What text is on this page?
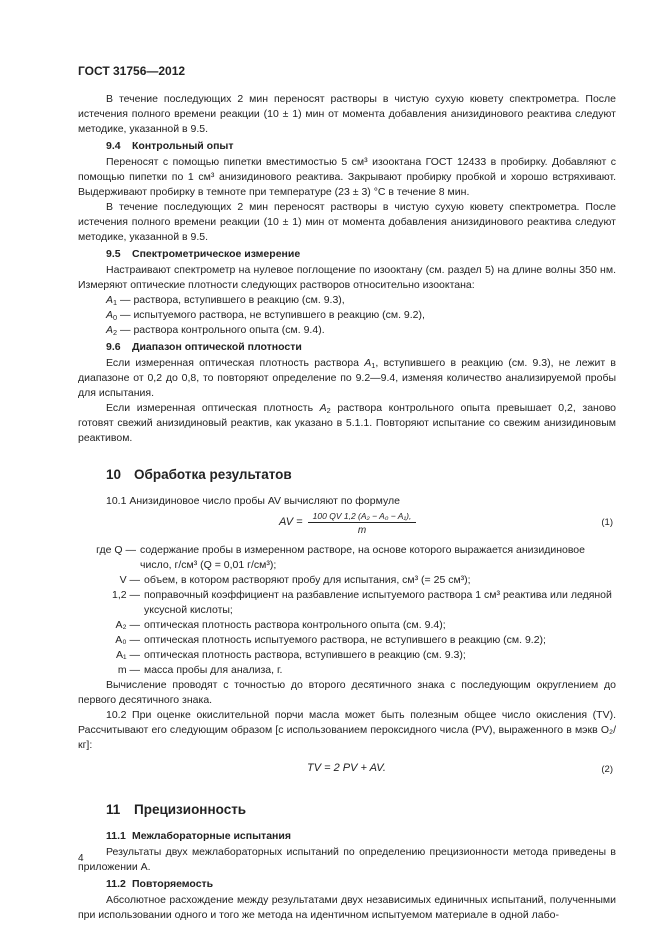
ГОСТ 31756—2012

В течение последующих 2 мин переносят растворы в чистую сухую кювету спектрометра. После истечения полного времени реакции (10 ± 1) мин от момента добавления анизидинового реактива следуют методике, указанной в 9.5.

9.4 Контрольный опыт

Переносят с помощью пипетки вместимостью 5 см³ изооктана ГОСТ 12433 в пробирку. Добавляют с помощью пипетки по 1 см³ анизидинового реактива. Закрывают пробирку пробкой и хорошо встряхивают. Выдерживают пробирку в темноте при температуре (23 ± 3) °С в течение 8 мин.

В течение последующих 2 мин переносят растворы в чистую сухую кювету спектрометра. После истечения полного времени реакции (10 ± 1) мин от момента добавления анизидинового реактива следуют методике, указанной в 9.5.

9.5 Спектрометрическое измерение

Настраивают спектрометр на нулевое поглощение по изооктану (см. раздел 5) на длине волны 350 нм. Измеряют оптические плотности следующих растворов относительно изооктана:

$A_1$ — раствора, вступившего в реакцию (см. 9.3),
$A_0$ — испытуемого раствора, не вступившего в реакцию (см. 9.2),
$A_2$ — раствора контрольного опыта (см. 9.4).
9.6 Диапазон оптической плотности

Если измеренная оптическая плотность раствора $A_1$, вступившего в реакцию (см. 9.3), не лежит в диапазоне от 0,2 до 0,8, то повторяют определение по 9.2—9.4, изменяя количество анализируемой пробы для испытания.

Если измеренная оптическая плотность $A_2$ раствора контрольного опыта превышает 0,2, заново готовят свежий анизидиновый реактив, как указано в 5.1.1. Повторяют испытание со свежим анизидиновым реактивом.

10 Обработка результатов

10.1 Анизидиновое число пробы AV вычисляют по формуле

AV =	100 QV 1,2 (A₂ − A₀ − A₁),
m
(1)
где Q — содержание пробы в измеренном растворе, на основе которого выражается анизидиновое число, г/см³ (Q = 0,01 г/см³);
V — объем, в котором растворяют пробу для испытания, см³ (= 25 см³);
1,2 — поправочный коэффициент на разбавление испытуемого раствора 1 см³ реактива или ледяной уксусной кислоты;
A₂ — оптическая плотность раствора контрольного опыта (см. 9.4);
A₀ — оптическая плотность испытуемого раствора, не вступившего в реакцию (см. 9.2);
A₁ — оптическая плотность раствора, вступившего в реакцию (см. 9.3);
m — масса пробы для анализа, г.

Вычисление проводят с точностью до второго десятичного знака с последующим округлением до первого десятичного знака.

10.2 При оценке окислительной порчи масла может быть полезным общее число окисления (TV). Рассчитывают его следующим образом [с использованием пероксидного числа (PV), выраженного в мэкв O₂/кг]:

TV = 2 PV + AV.	(2)
11 Прецизионность
11.1 Межлабораторные испытания

Результаты двух межлабораторных испытаний по определению прецизионности метода приведены в приложении А.

11.2 Повторяемость

Абсолютное расхождение между результатами двух независимых единичных испытаний, полученными при использовании одного и того же метода на идентичном испытуемом материале в одной лабо-

4
